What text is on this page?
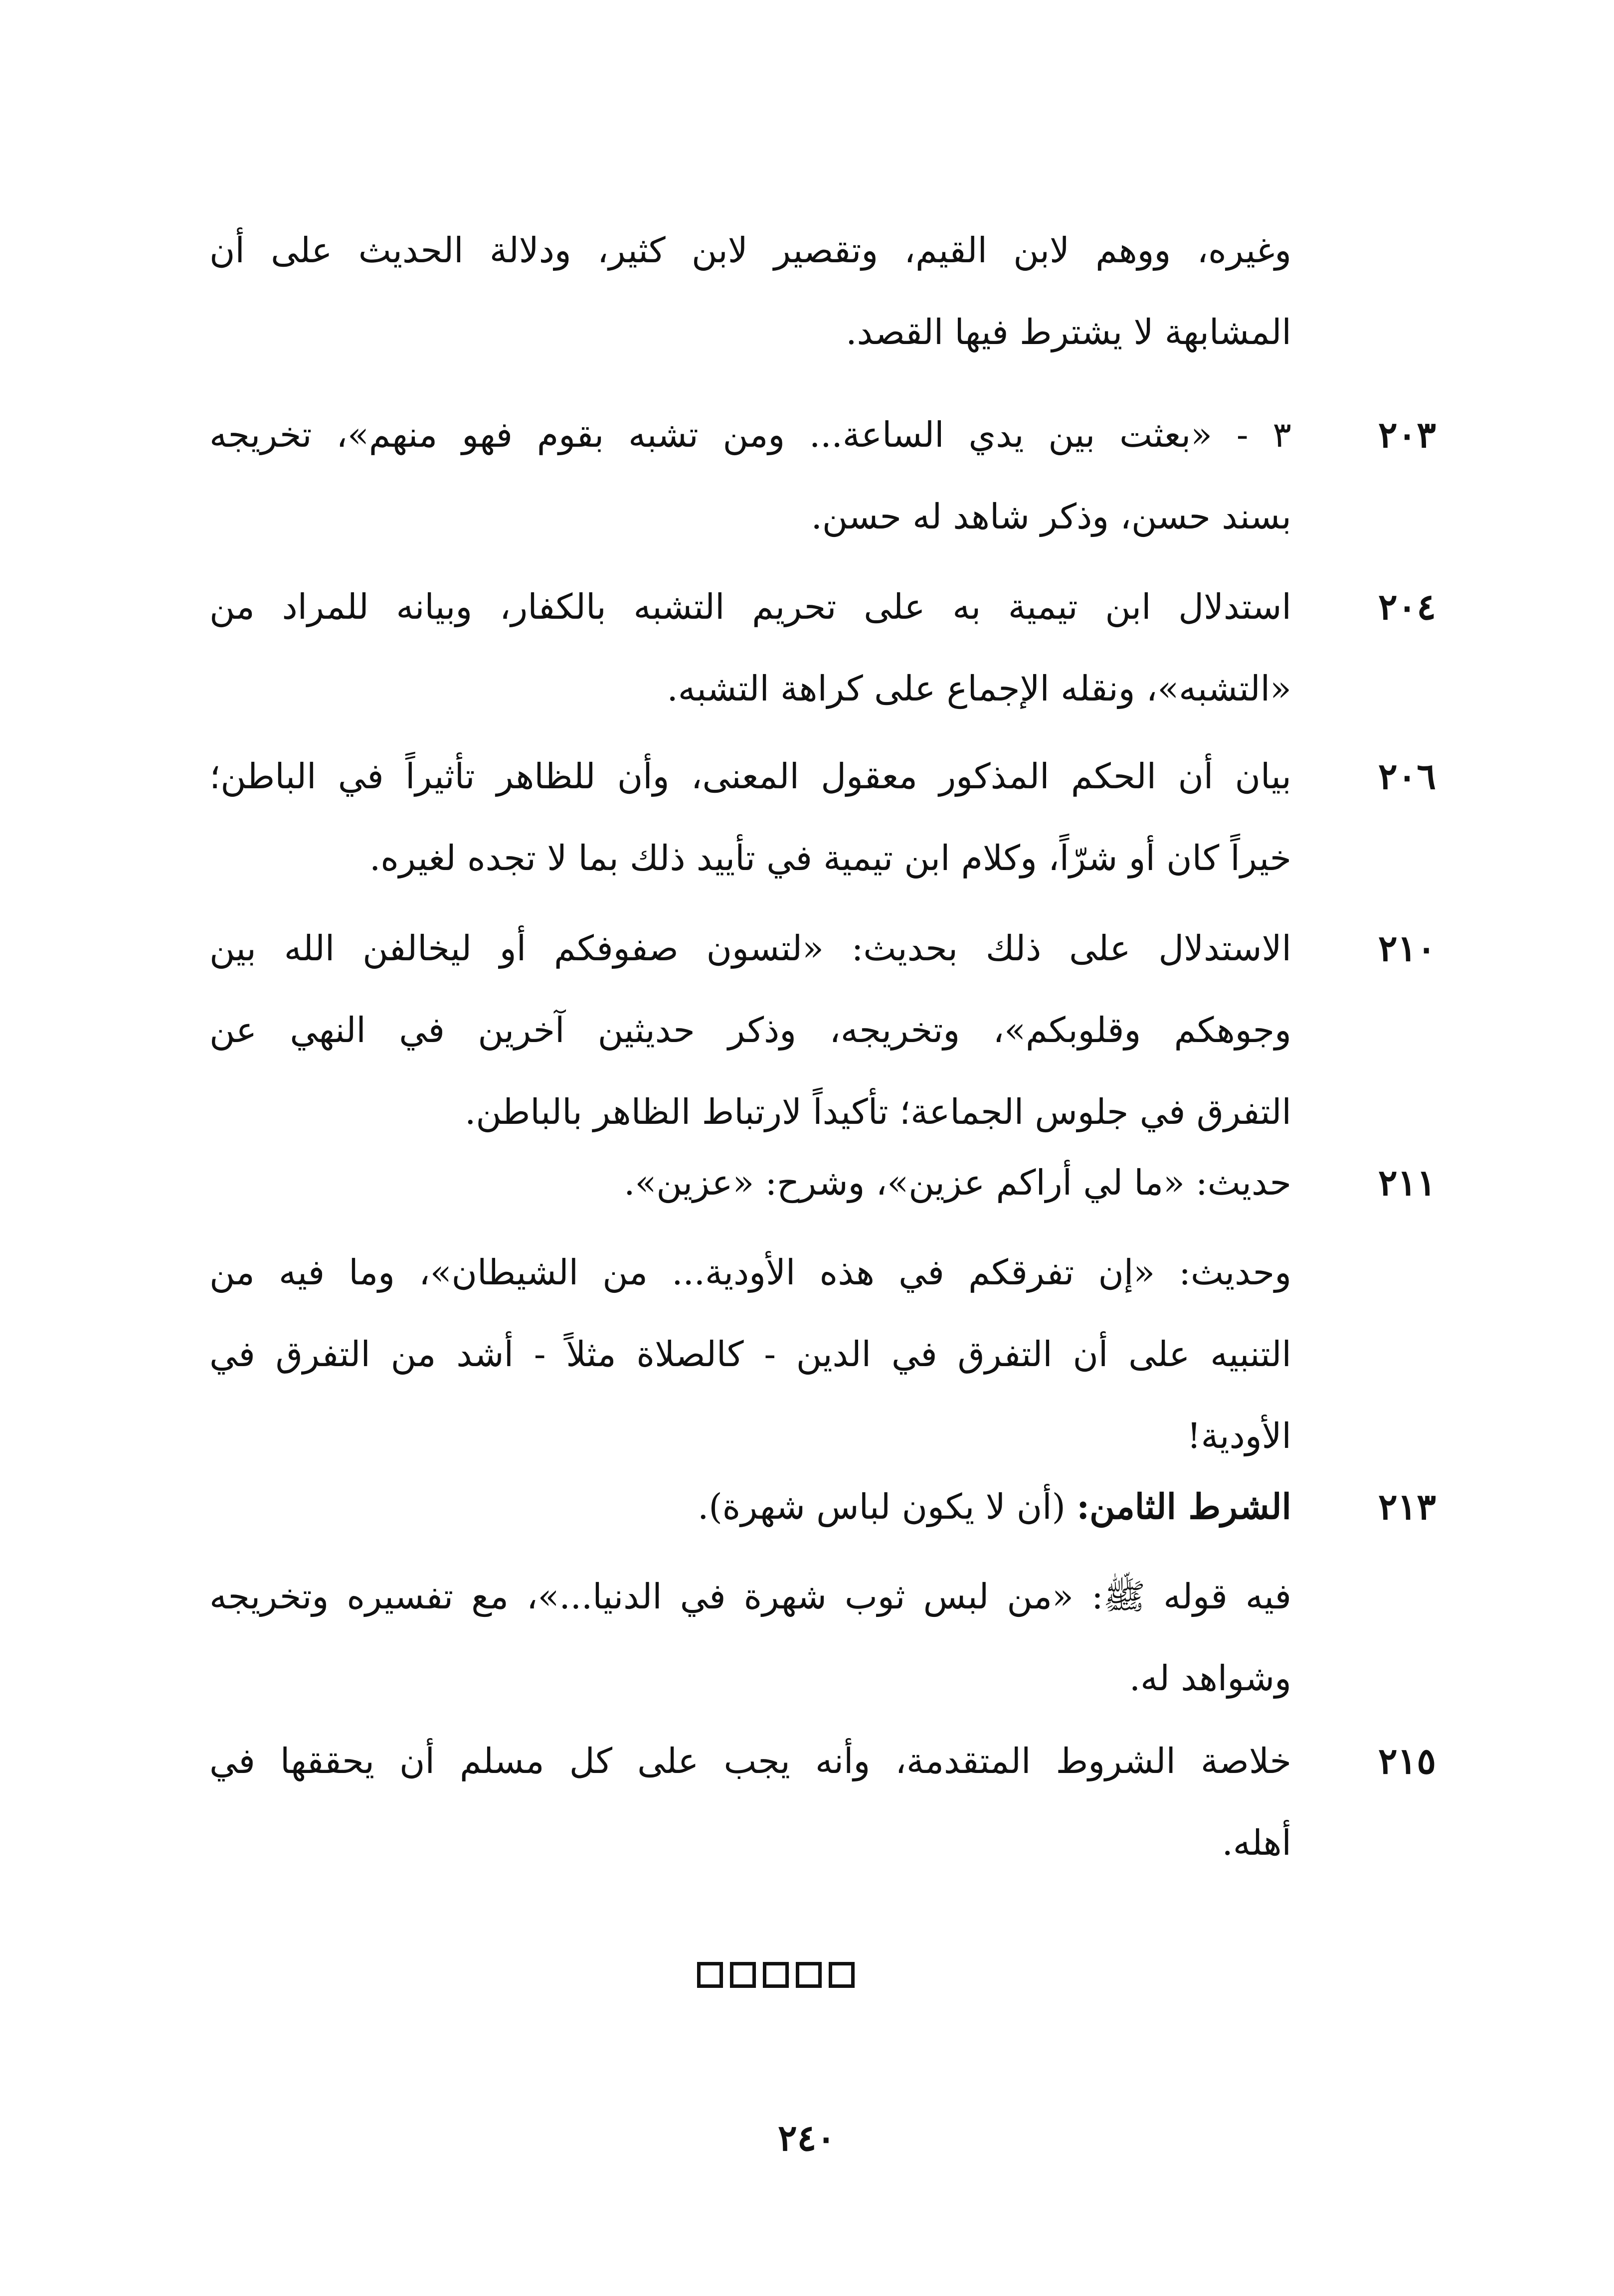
وغيره، ووهم لابن القيم، وتقصير لابن كثير، ودلالة الحديث على أن
المشابهة لا يشترط فيها القصد.
٢٠٣
٣ - «بعثت بين يدي الساعة... ومن تشبه بقوم فهو منهم»، تخريجه
بسند حسن، وذكر شاهد له حسن.
٢٠٤
استدلال ابن تيمية به على تحريم التشبه بالكفار، وبيانه للمراد من
«التشبه»، ونقله الإجماع على كراهة التشبه.
٢٠٦
بيان أن الحكم المذكور معقول المعنى، وأن للظاهر تأثيراً في الباطن؛
خيراً كان أو شرّاً، وكلام ابن تيمية في تأييد ذلك بما لا تجده لغيره.
٢١٠
الاستدلال على ذلك بحديث: «لتسون صفوفكم أو ليخالفن الله بين
وجوهكم وقلوبكم»، وتخريجه، وذكر حديثين آخرين في النهي عن
التفرق في جلوس الجماعة؛ تأكيداً لارتباط الظاهر بالباطن.
٢١١
حديث: «ما لي أراكم عزين»، وشرح: «عزين».
وحديث: «إن تفرقكم في هذه الأودية... من الشيطان»، وما فيه من
التنبيه على أن التفرق في الدين - كالصلاة مثلاً - أشد من التفرق في
الأودية!
٢١٣
الشرط الثامن: (أن لا يكون لباس شهرة).
فيه قوله ﷺ: «من لبس ثوب شهرة في الدنيا...»، مع تفسيره وتخريجه
وشواهد له.
٢١٥
خلاصة الشروط المتقدمة، وأنه يجب على كل مسلم أن يحققها في
أهله.
٢٤٠
